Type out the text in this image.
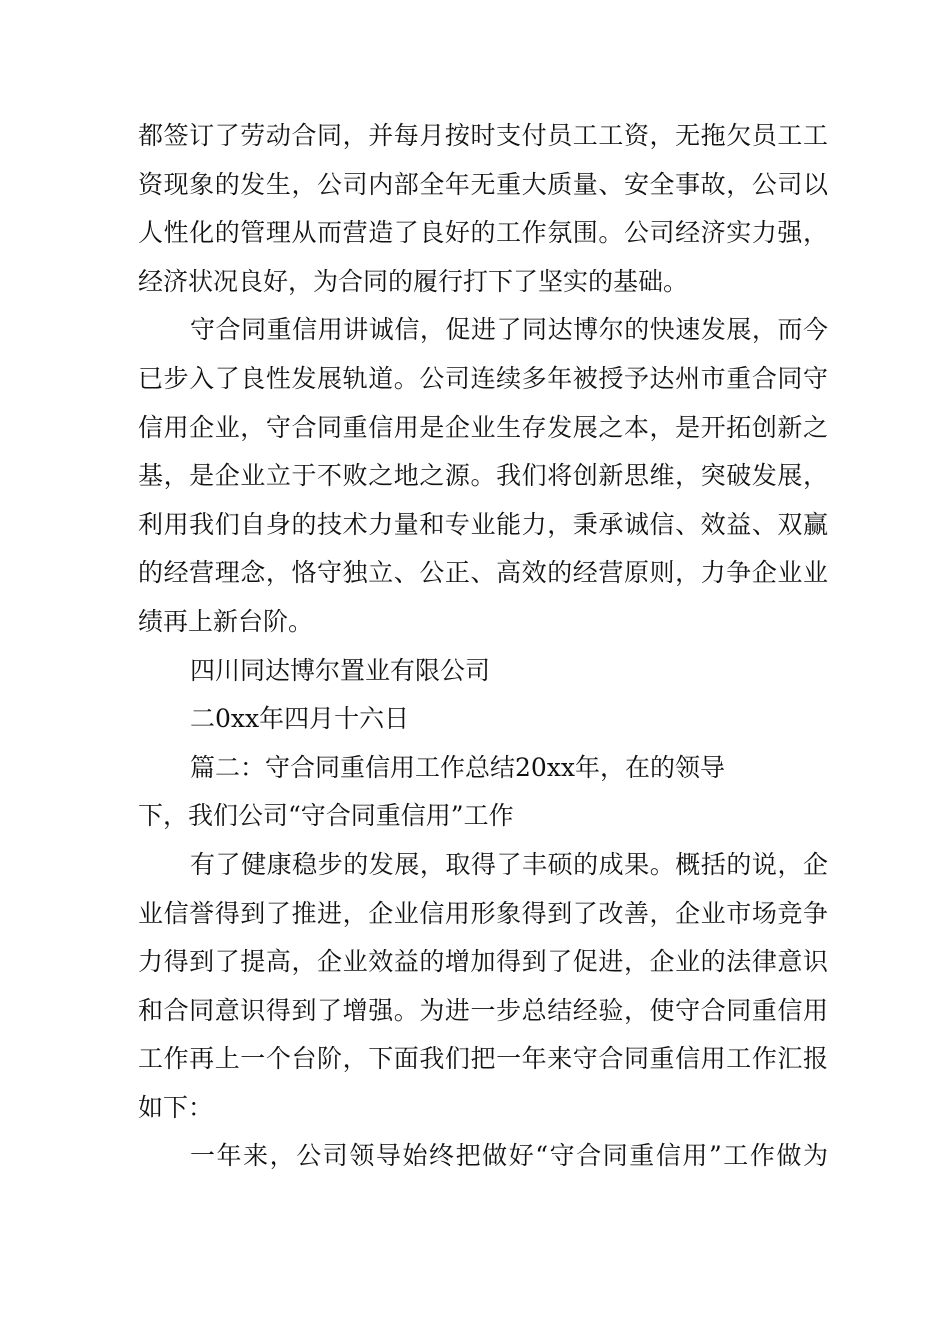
都签订了劳动合同，并每月按时支付员工工资，无拖欠员工工
资现象的发生，公司内部全年无重大质量、安全事故，公司以
人性化的管理从而营造了良好的工作氛围。公司经济实力强，
经济状况良好，为合同的履行打下了坚实的基础。
守合同重信用讲诚信，促进了同达博尔的快速发展，而今
已步入了良性发展轨道。公司连续多年被授予达州市重合同守
信用企业，守合同重信用是企业生存发展之本，是开拓创新之
基，是企业立于不败之地之源。我们将创新思维，突破发展，
利用我们自身的技术力量和专业能力，秉承诚信、效益、双赢
的经营理念，恪守独立、公正、高效的经营原则，力争企业业
绩再上新台阶。
四川同达博尔置业有限公司
二0xx年四月十六日
篇二：守合同重信用工作总结20xx年，在的领导
下，我们公司“守合同重信用”工作
有了健康稳步的发展，取得了丰硕的成果。概括的说，企
业信誉得到了推进，企业信用形象得到了改善，企业市场竞争
力得到了提高，企业效益的增加得到了促进，企业的法律意识
和合同意识得到了增强。为进一步总结经验，使守合同重信用
工作再上一个台阶，下面我们把一年来守合同重信用工作汇报
如下：
一年来，公司领导始终把做好“守合同重信用”工作做为
